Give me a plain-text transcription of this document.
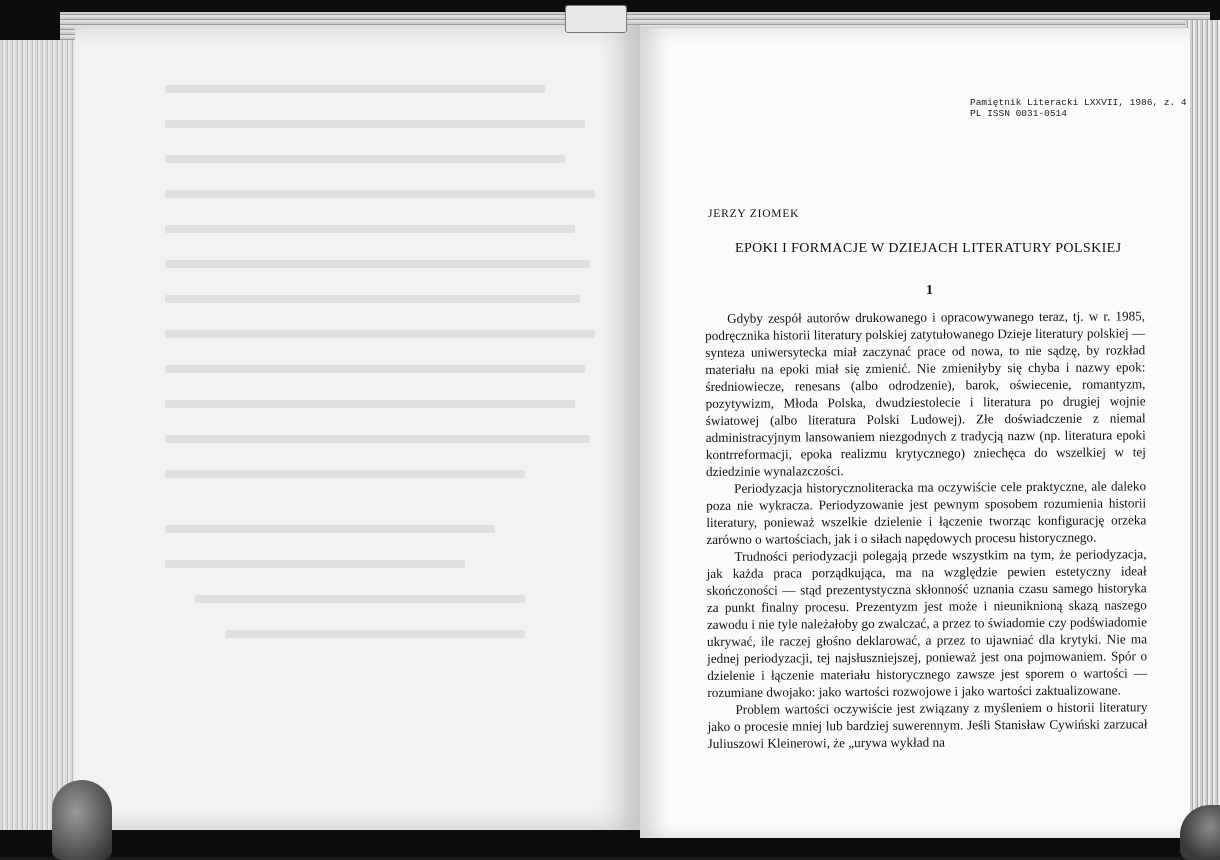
Pamiętnik Literacki LXXVII, 1986, z. 4
PL ISSN 0031-0514
JERZY ZIOMEK
EPOKI I FORMACJE W DZIEJACH LITERATURY POLSKIEJ
1

Gdyby zespół autorów drukowanego i opracowywanego teraz, tj. w r. 1985, podręcznika historii literatury polskiej zatytułowanego Dzieje literatury polskiej — synteza uniwersytecka miał zaczynać prace od nowa, to nie sądzę, by rozkład materiału na epoki miał się zmienić. Nie zmieniłyby się chyba i nazwy epok: średniowiecze, renesans (albo odrodzenie), barok, oświecenie, romantyzm, pozytywizm, Młoda Polska, dwudziestolecie i literatura po drugiej wojnie światowej (albo literatura Polski Ludowej). Złe doświadczenie z niemal administracyjnym lansowaniem niezgodnych z tradycją nazw (np. literatura epoki kontrreformacji, epoka realizmu krytycznego) zniechęca do wszelkiej w tej dziedzinie wynalazczości.

Periodyzacja historycznoliteracka ma oczywiście cele praktyczne, ale daleko poza nie wykracza. Periodyzowanie jest pewnym sposobem rozumienia historii literatury, ponieważ wszelkie dzielenie i łączenie tworząc konfigurację orzeka zarówno o wartościach, jak i o siłach napędowych procesu historycznego.

Trudności periodyzacji polegają przede wszystkim na tym, że periodyzacja, jak każda praca porządkująca, ma na względzie pewien estetyczny ideał skończoności — stąd prezentystyczna skłonność uznania czasu samego historyka za punkt finalny procesu. Prezentyzm jest może i nieuniknioną skazą naszego zawodu i nie tyle należałoby go zwalczać, a przez to świadomie czy podświadomie ukrywać, ile raczej głośno deklarować, a przez to ujawniać dla krytyki. Nie ma jednej periodyzacji, tej najsłuszniejszej, ponieważ jest ona pojmowaniem. Spór o dzielenie i łączenie materiału historycznego zawsze jest sporem o wartości — rozumiane dwojako: jako wartości rozwojowe i jako wartości zaktualizowane.

Problem wartości oczywiście jest związany z myśleniem o historii literatury jako o procesie mniej lub bardziej suwerennym. Jeśli Stanisław Cywiński zarzucał Juliuszowi Kleinerowi, że „urywa wykład na
